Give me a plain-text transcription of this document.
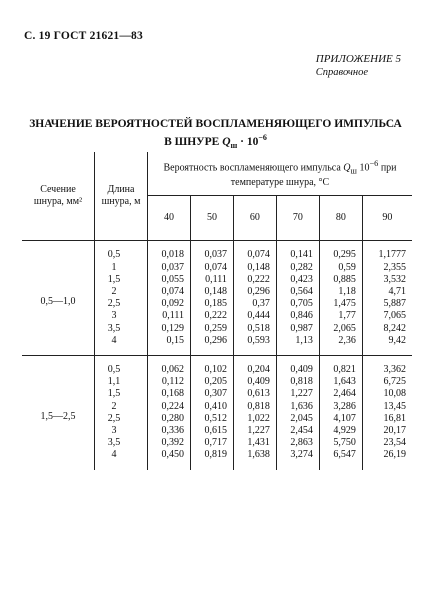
С. 19 ГОСТ 21621—83
ПРИЛОЖЕНИЕ 5
Справочное
ЗНАЧЕНИЕ ВЕРОЯТНОСТЕЙ ВОСПЛАМЕНЯЮЩЕГО ИМПУЛЬСА
В ШНУРЕ $Q_ш \cdot 10^{-6}$
Сечение шнура, мм²	Длина шнура, м	Вероятность воспламеняющего импульса $Q_ш$ $10^{-6}$ при температуре шнура, °С					
		40	50	60	70	80	90
0,5—1,0	0,5	0,018	0,037	0,074	0,141	0,295	1,1777
	1	0,037	0,074	0,148	0,282	0,59	2,355
	1,5	0,055	0,111	0,222	0,423	0,885	3,532
	2	0,074	0,148	0,296	0,564	1,18	4,71
	2,5	0,092	0,185	0,37	0,705	1,475	5,887
	3	0,111	0,222	0,444	0,846	1,77	7,065
	3,5	0,129	0,259	0,518	0,987	2,065	8,242
	4	0,15	0,296	0,593	1,13	2,36	9,42
1,5—2,5	0,5	0,062	0,102	0,204	0,409	0,821	3,362
	1,1	0,112	0,205	0,409	0,818	1,643	6,725
	1,5	0,168	0,307	0,613	1,227	2,464	10,08
	2	0,224	0,410	0,818	1,636	3,286	13,45
	2,5	0,280	0,512	1,022	2,045	4,107	16,81
	3	0,336	0,615	1,227	2,454	4,929	20,17
	3,5	0,392	0,717	1,431	2,863	5,750	23,54
	4	0,450	0,819	1,638	3,274	6,547	26,19
